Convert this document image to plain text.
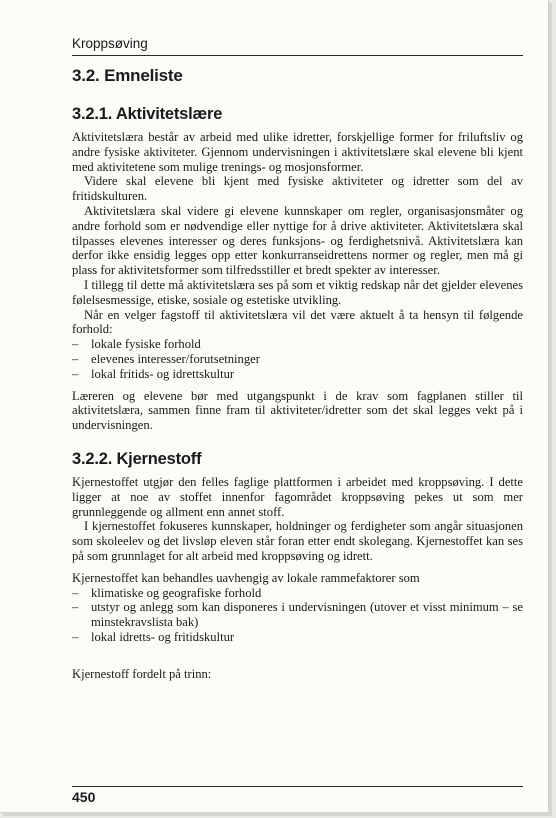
Kroppsøving
3.2. Emneliste
3.2.1. Aktivitetslære

Aktivitetslæra består av arbeid med ulike idretter, forskjellige former for friluftsliv og andre fysiske aktiviteter. Gjennom undervisningen i aktivitetslære skal elevene bli kjent med aktivitetene som mulige trenings- og mosjonsformer.

Videre skal elevene bli kjent med fysiske aktiviteter og idretter som del av fritidskulturen.

Aktivitetslæra skal videre gi elevene kunnskaper om regler, organisasjonsmåter og andre forhold som er nødvendige eller nyttige for å drive aktiviteter. Aktivitetslæra skal tilpasses elevenes interesser og deres funksjons- og ferdighetsnivå. Aktivitetslæra kan derfor ikke ensidig legges opp etter konkurranseidrettens normer og regler, men må gi plass for aktivitetsformer som tilfredsstiller et bredt spekter av interesser.

I tillegg til dette må aktivitetslæra ses på som et viktig redskap når det gjelder elevenes følelsesmessige, etiske, sosiale og estetiske utvikling.

Når en velger fagstoff til aktivitetslæra vil det være aktuelt å ta hensyn til følgende forhold:

– lokale fysiske forhold
– elevenes interesser/forutsetninger
– lokal fritids- og idrettskultur

Læreren og elevene bør med utgangspunkt i de krav som fagplanen stiller til aktivitetslæra, sammen finne fram til aktiviteter/idretter som det skal legges vekt på i undervisningen.

3.2.2. Kjernestoff

Kjernestoffet utgjør den felles faglige plattformen i arbeidet med kroppsøving. I dette ligger at noe av stoffet innenfor fagområdet kroppsøving pekes ut som mer grunnleggende og allment enn annet stoff.

I kjernestoffet fokuseres kunnskaper, holdninger og ferdigheter som angår situasjonen som skoleelev og det livsløp eleven står foran etter endt skolegang. Kjernestoffet kan ses på som grunnlaget for alt arbeid med kroppsøving og idrett.

Kjernestoffet kan behandles uavhengig av lokale rammefaktorer som

– klimatiske og geografiske forhold
– utstyr og anlegg som kan disponeres i undervisningen (utover et visst minimum – se minstekravslista bak)
– lokal idretts- og fritidskultur

Kjernestoff fordelt på trinn:

450
